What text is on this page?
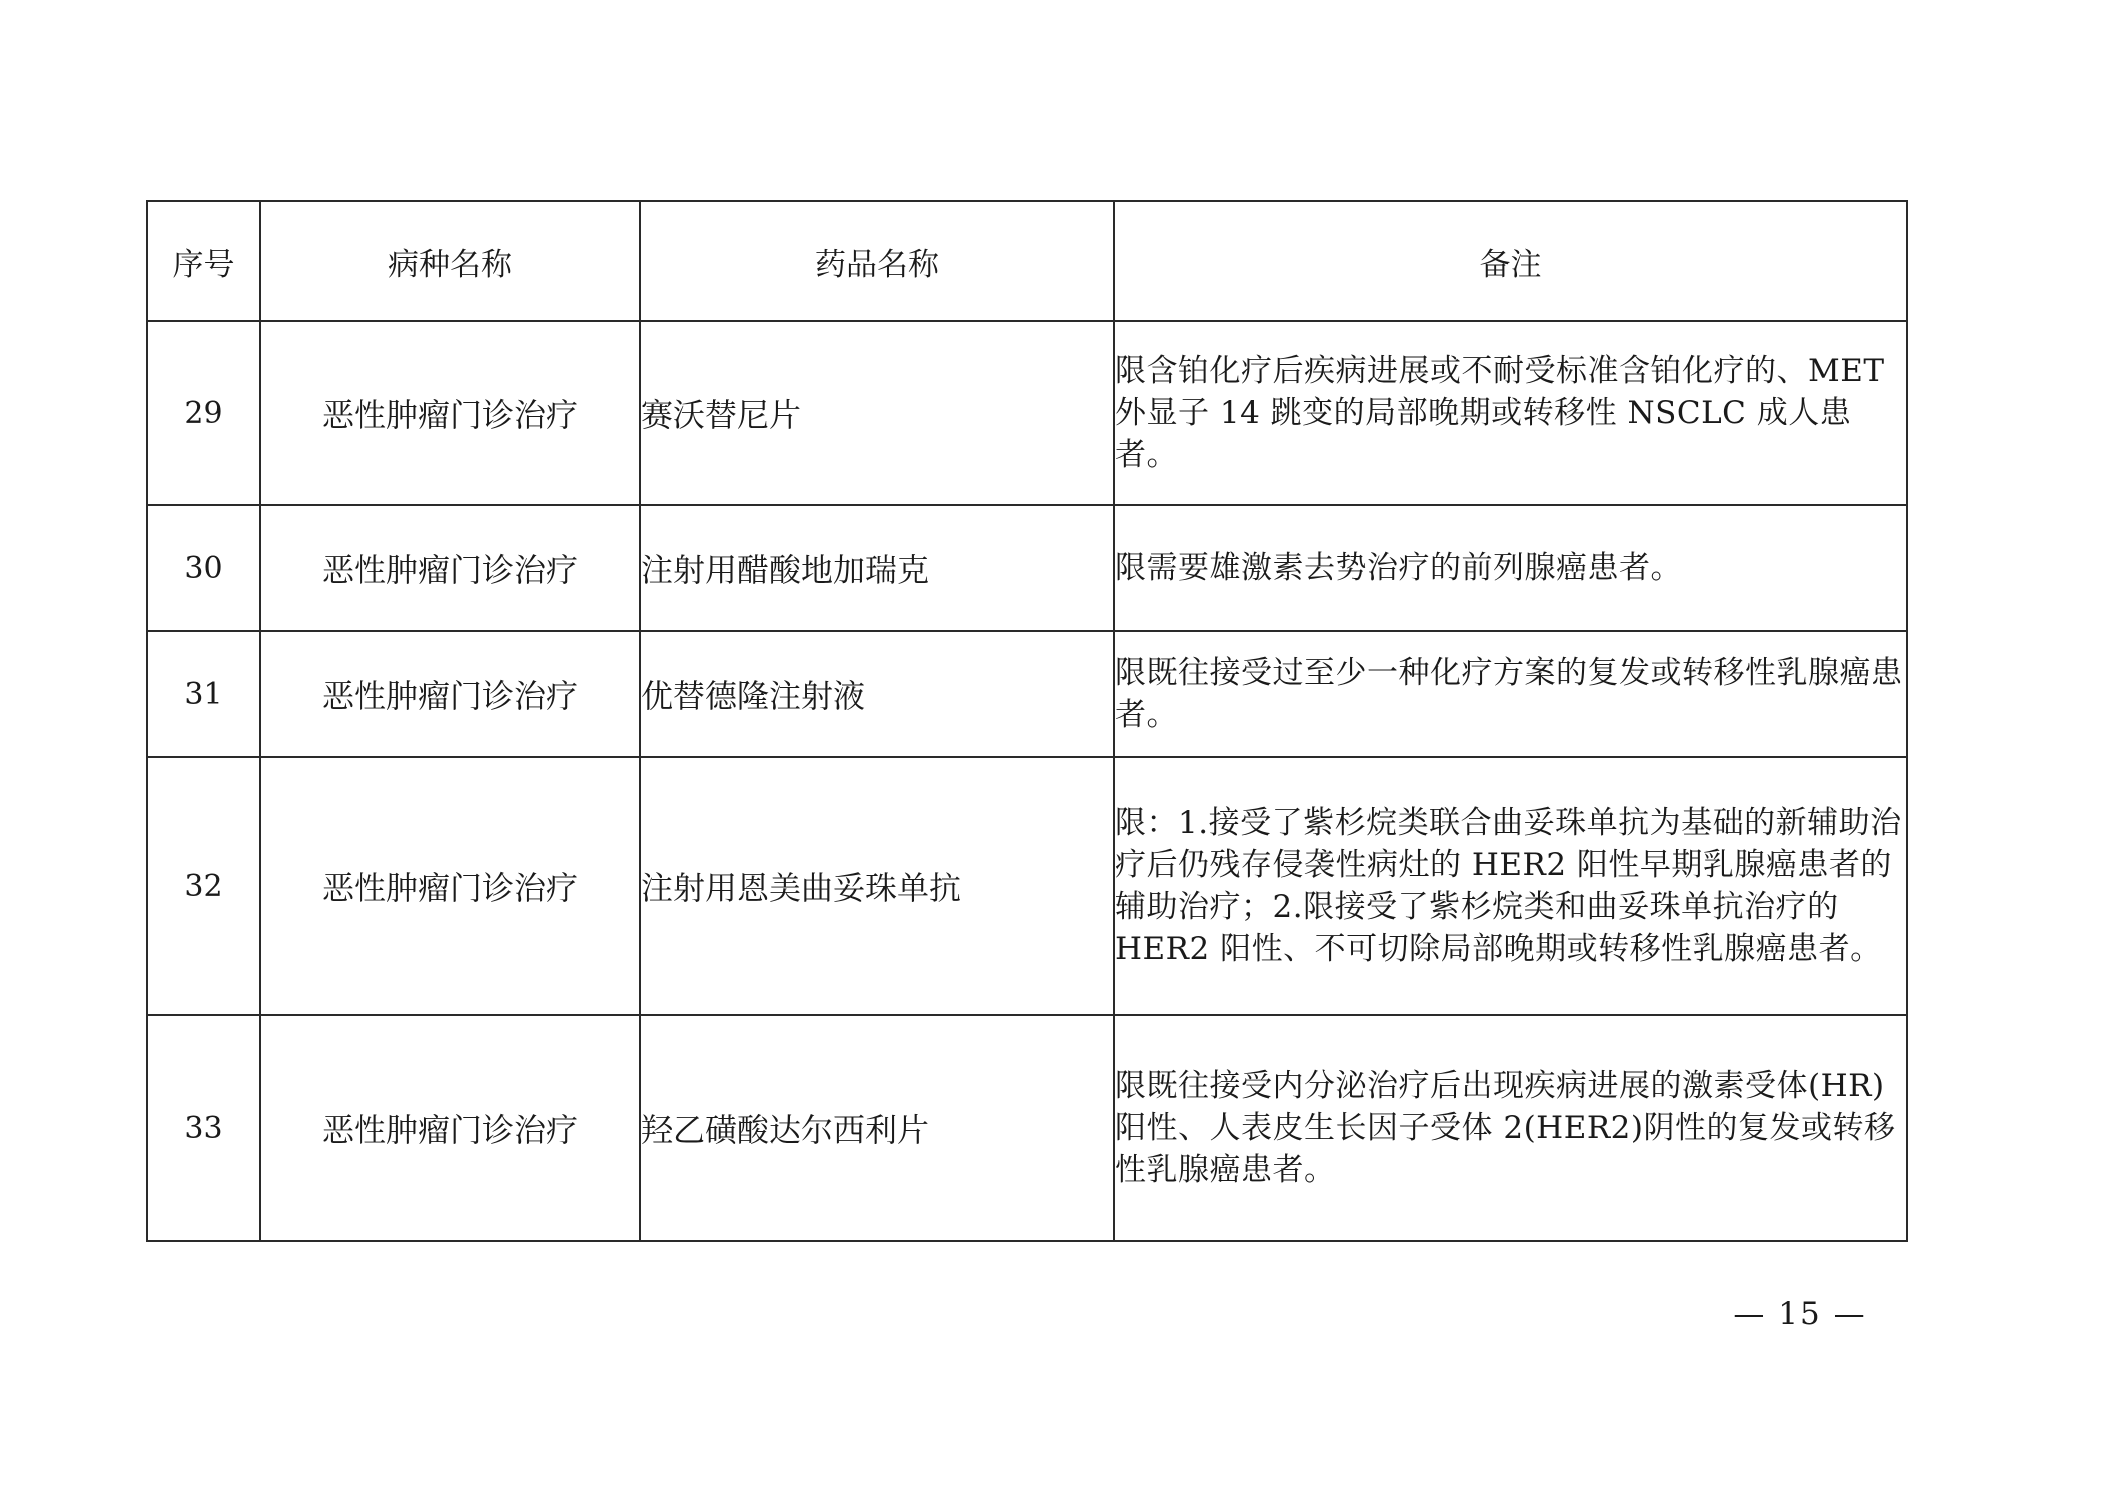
序号	病种名称	药品名称	备注
29	恶性肿瘤门诊治疗	赛沃替尼片	限含铂化疗后疾病进展或不耐受标准含铂化疗的、MET 外显子 14 跳变的局部晚期或转移性 NSCLC 成人患者。
30	恶性肿瘤门诊治疗	注射用醋酸地加瑞克	限需要雄激素去势治疗的前列腺癌患者。
31	恶性肿瘤门诊治疗	优替德隆注射液	限既往接受过至少一种化疗方案的复发或转移性乳腺癌患者。
32	恶性肿瘤门诊治疗	注射用恩美曲妥珠单抗	限：1.接受了紫杉烷类联合曲妥珠单抗为基础的新辅助治疗后仍残存侵袭性病灶的 HER2 阳性早期乳腺癌患者的辅助治疗；2.限接受了紫杉烷类和曲妥珠单抗治疗的 HER2 阳性、不可切除局部晚期或转移性乳腺癌患者。
33	恶性肿瘤门诊治疗	羟乙磺酸达尔西利片	限既往接受内分泌治疗后出现疾病进展的激素受体(HR)阳性、人表皮生长因子受体 2(HER2)阴性的复发或转移性乳腺癌患者。
— 15 —
